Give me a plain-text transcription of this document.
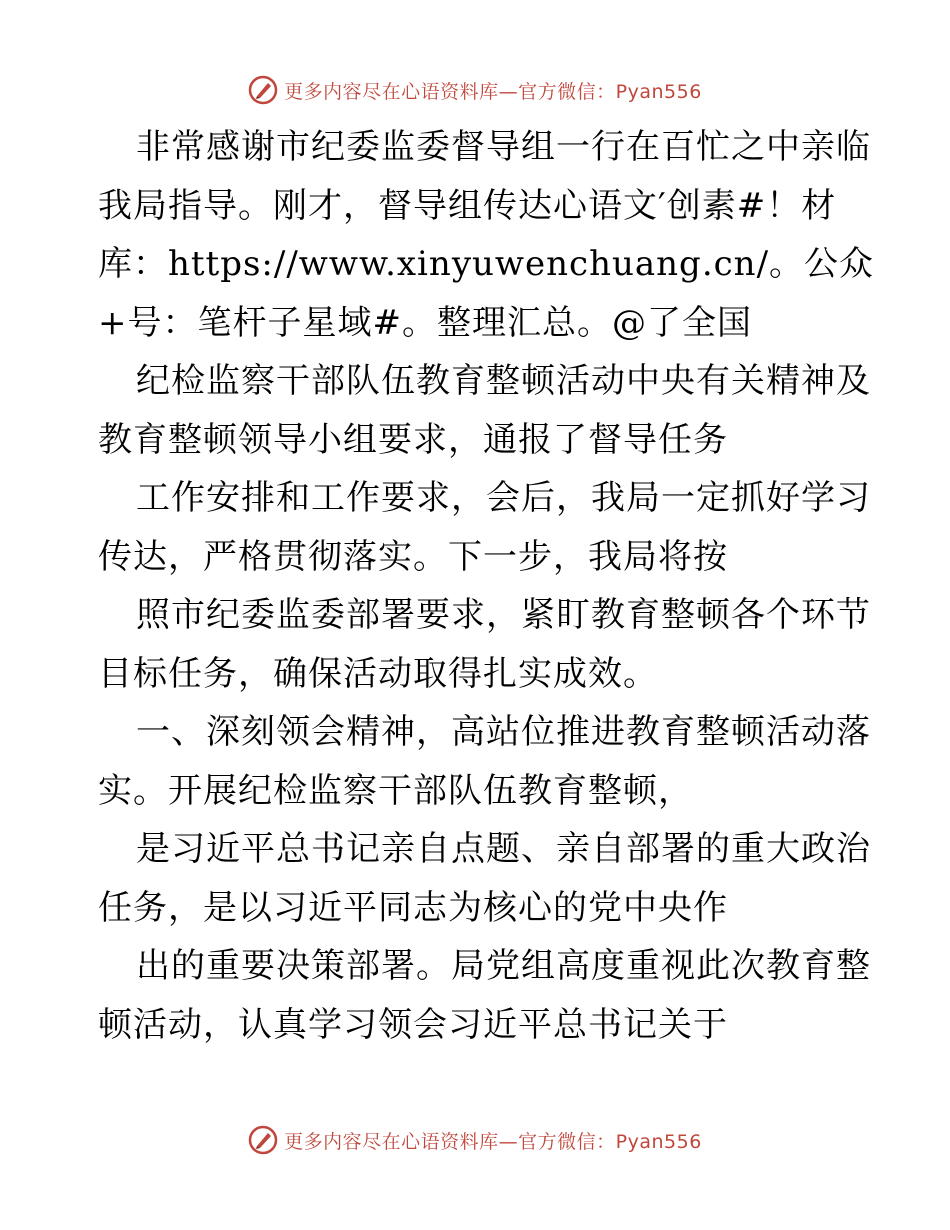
更多内容尽在心语资料库—官方微信：Pyan556
非常感谢市纪委监委督导组一行在百忙之中亲临
我局指导。刚才，督导组传达心语文′创素#！材
库：https://www.xinyuwenchuang.cn/。公众
+号：笔杆子星域#。整理汇总。@了全国
纪检监察干部队伍教育整顿活动中央有关精神及
教育整顿领导小组要求，通报了督导任务
工作安排和工作要求，会后，我局一定抓好学习
传达，严格贯彻落实。下一步，我局将按
照市纪委监委部署要求，紧盯教育整顿各个环节
目标任务，确保活动取得扎实成效。
一、深刻领会精神，高站位推进教育整顿活动落
实。开展纪检监察干部队伍教育整顿，
是习近平总书记亲自点题、亲自部署的重大政治
任务，是以习近平同志为核心的党中央作
出的重要决策部署。局党组高度重视此次教育整
顿活动，认真学习领会习近平总书记关于
更多内容尽在心语资料库—官方微信：Pyan556
